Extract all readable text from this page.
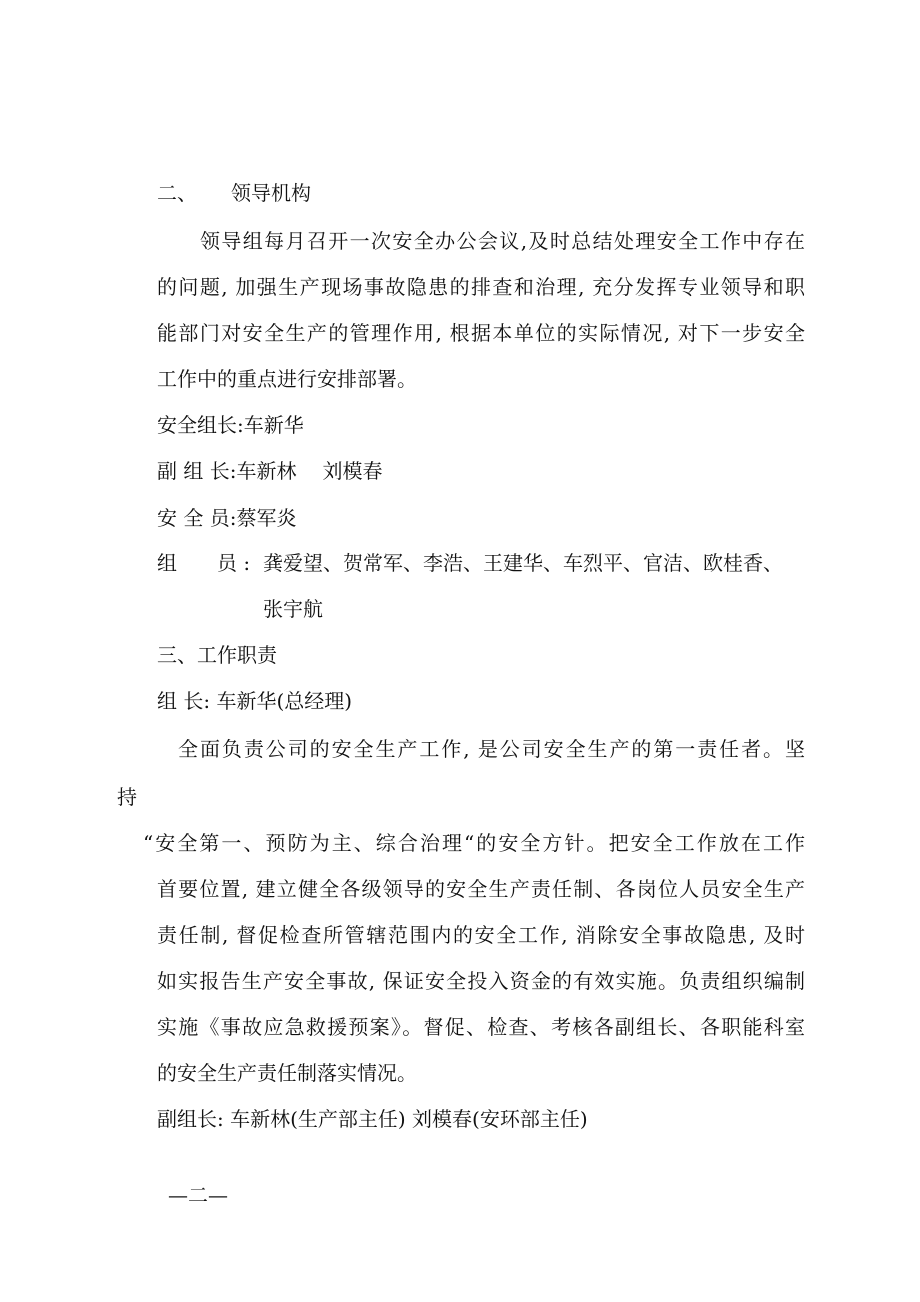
二、 领导机构

领导组每月召开一次安全办公会议,及时总结处理安全工作中存在

的问题, 加强生产现场事故隐患的排查和治理, 充分发挥专业领导和职

能部门对安全生产的管理作用, 根据本单位的实际情况, 对下一步安全

工作中的重点进行安排部署。

安全组长:车新华

副 组 长:车新林 刘模春

安 全 员:蔡军炎

组　　员 : 龚爱望、贺常军、李浩、王建华、车烈平、官洁、欧桂香、

张宇航

三、工作职责

组 长: 车新华(总经理)

全面负责公司的安全生产工作, 是公司安全生产的第一责任者。坚

持

“安全第一、预防为主、综合治理“的安全方针。把安全工作放在工作

首要位置, 建立健全各级领导的安全生产责任制、各岗位人员安全生产

责任制, 督促检查所管辖范围内的安全工作, 消除安全事故隐患, 及时

如实报告生产安全事故, 保证安全投入资金的有效实施。负责组织编制

实施《事故应急救援预案》。督促、检查、考核各副组长、各职能科室

的安全生产责任制落实情况。

副组长: 车新林(生产部主任) 刘模春(安环部主任)

—二—
